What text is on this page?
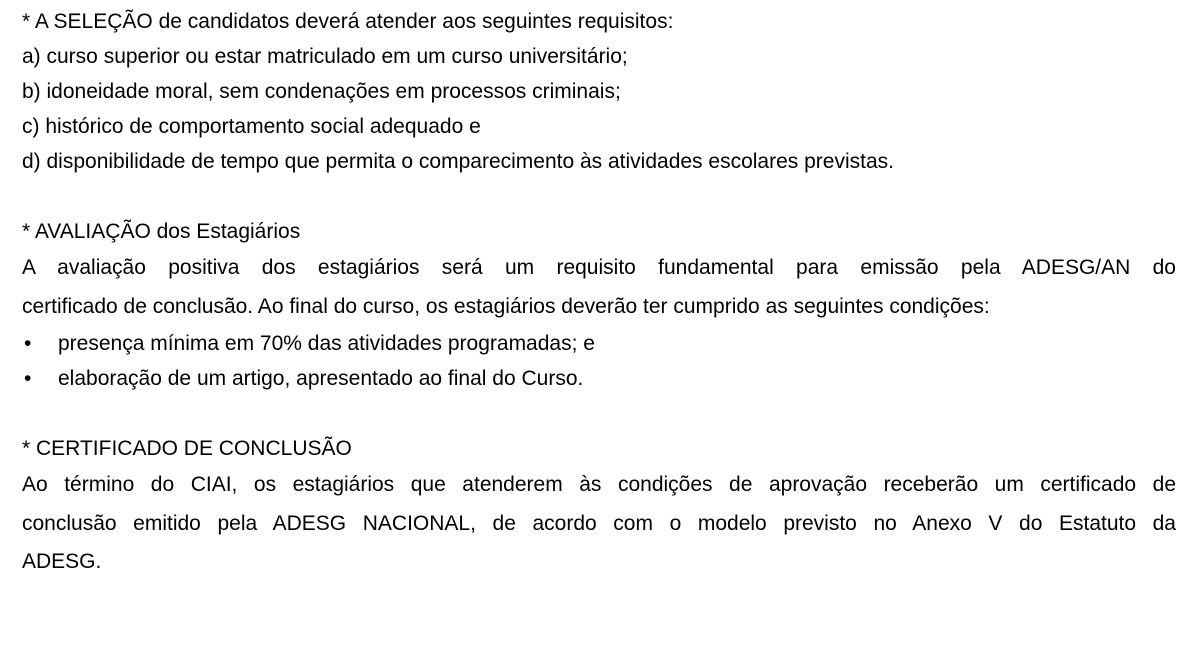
* A SELEÇÃO de candidatos deverá atender aos seguintes requisitos:
a) curso superior ou estar matriculado em um curso universitário;
b) idoneidade moral, sem condenações em processos criminais;
c) histórico de comportamento social adequado e
d) disponibilidade de tempo que permita o comparecimento às atividades escolares previstas.
* AVALIAÇÃO dos Estagiários
A avaliação positiva dos estagiários será um requisito fundamental para emissão pela ADESG/AN do
certificado de conclusão. Ao final do curso, os estagiários deverão ter cumprido as seguintes condições:
•	presença mínima em 70% das atividades programadas; e
•	elaboração de um artigo, apresentado ao final do Curso.
* CERTIFICADO DE CONCLUSÃO
Ao término do CIAI, os estagiários que atenderem às condições de aprovação receberão um certificado de
conclusão emitido pela ADESG NACIONAL, de acordo com o modelo previsto no Anexo V do Estatuto da
ADESG.
